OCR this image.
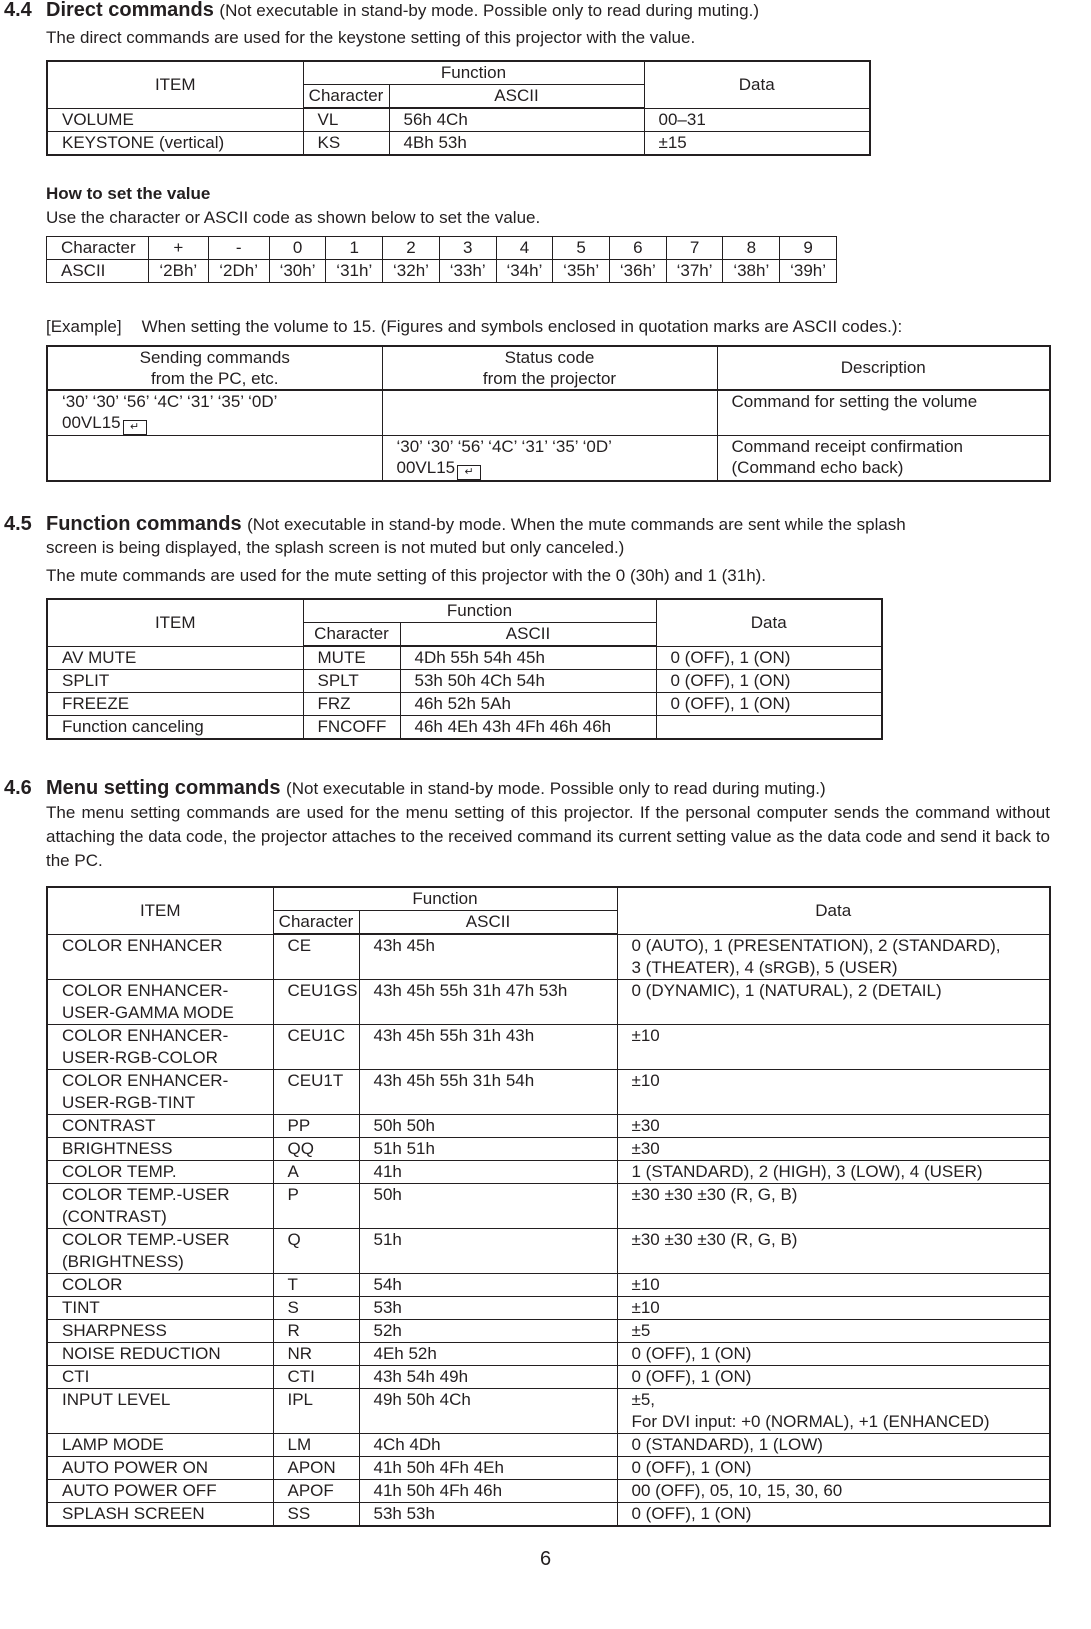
4.4 Direct commands (Not executable in stand-by mode. Possible only to read during muting.)

The direct commands are used for the keystone setting of this projector with the value.

ITEM	Function		Data
	Character	ASCII	
VOLUME	VL	56h 4Ch	00–31
KEYSTONE (vertical)	KS	4Bh 53h	±15

How to set the value

Use the character or ASCII code as shown below to set the value.

Character	+	-	0	1	2	3	4	5	6	7	8	9
ASCII	‘2Bh’	‘2Dh’	‘30h’	‘31h’	‘32h’	‘33h’	‘34h’	‘35h’	‘36h’	‘37h’	‘38h’	‘39h’

[Example] When setting the volume to 15. (Figures and symbols enclosed in quotation marks are ASCII codes.):

Sending commands
from the PC, etc.	Status code
from the projector	Description
‘30’ ‘30’ ‘56’ ‘4C’ ‘31’ ‘35’ ‘0D’
00VL15 ↵		Command for setting the volume
	‘30’ ‘30’ ‘56’ ‘4C’ ‘31’ ‘35’ ‘0D’
00VL15 ↵	Command receipt confirmation
(Command echo back)
4.5 Function commands (Not executable in stand-by mode. When the mute commands are sent while the splash

screen is being displayed, the splash screen is not muted but only canceled.)

The mute commands are used for the mute setting of this projector with the 0 (30h) and 1 (31h).

ITEM	Function		Data
	Character	ASCII	
AV MUTE	MUTE	4Dh 55h 54h 45h	0 (OFF), 1 (ON)
SPLIT	SPLT	53h 50h 4Ch 54h	0 (OFF), 1 (ON)
FREEZE	FRZ	46h 52h 5Ah	0 (OFF), 1 (ON)
Function canceling	FNCOFF	46h 4Eh 43h 4Fh 46h 46h	
4.6 Menu setting commands (Not executable in stand-by mode. Possible only to read during muting.)

The menu setting commands are used for the menu setting of this projector. If the personal computer sends the command without attaching the data code, the projector attaches to the received command its current setting value as the data code and send it back to the PC.

ITEM	Function		Data
	Character	ASCII	
COLOR ENHANCER	CE	43h 45h	0 (AUTO), 1 (PRESENTATION), 2 (STANDARD),
3 (THEATER), 4 (sRGB), 5 (USER)
COLOR ENHANCER-
USER-GAMMA MODE	CEU1GS	43h 45h 55h 31h 47h 53h	0 (DYNAMIC), 1 (NATURAL), 2 (DETAIL)
COLOR ENHANCER-
USER-RGB-COLOR	CEU1C	43h 45h 55h 31h 43h	±10
COLOR ENHANCER-
USER-RGB-TINT	CEU1T	43h 45h 55h 31h 54h	±10
CONTRAST	PP	50h 50h	±30
BRIGHTNESS	QQ	51h 51h	±30
COLOR TEMP.	A	41h	1 (STANDARD), 2 (HIGH), 3 (LOW), 4 (USER)
COLOR TEMP.-USER
(CONTRAST)	P	50h	±30 ±30 ±30 (R, G, B)
COLOR TEMP.-USER
(BRIGHTNESS)	Q	51h	±30 ±30 ±30 (R, G, B)
COLOR	T	54h	±10
TINT	S	53h	±10
SHARPNESS	R	52h	±5
NOISE REDUCTION	NR	4Eh 52h	0 (OFF), 1 (ON)
CTI	CTI	43h 54h 49h	0 (OFF), 1 (ON)
INPUT LEVEL	IPL	49h 50h 4Ch	±5,
For DVI input: +0 (NORMAL), +1 (ENHANCED)
LAMP MODE	LM	4Ch 4Dh	0 (STANDARD), 1 (LOW)
AUTO POWER ON	APON	41h 50h 4Fh 4Eh	0 (OFF), 1 (ON)
AUTO POWER OFF	APOF	41h 50h 4Fh 46h	00 (OFF), 05, 10, 15, 30, 60
SPLASH SCREEN	SS	53h 53h	0 (OFF), 1 (ON)
6
